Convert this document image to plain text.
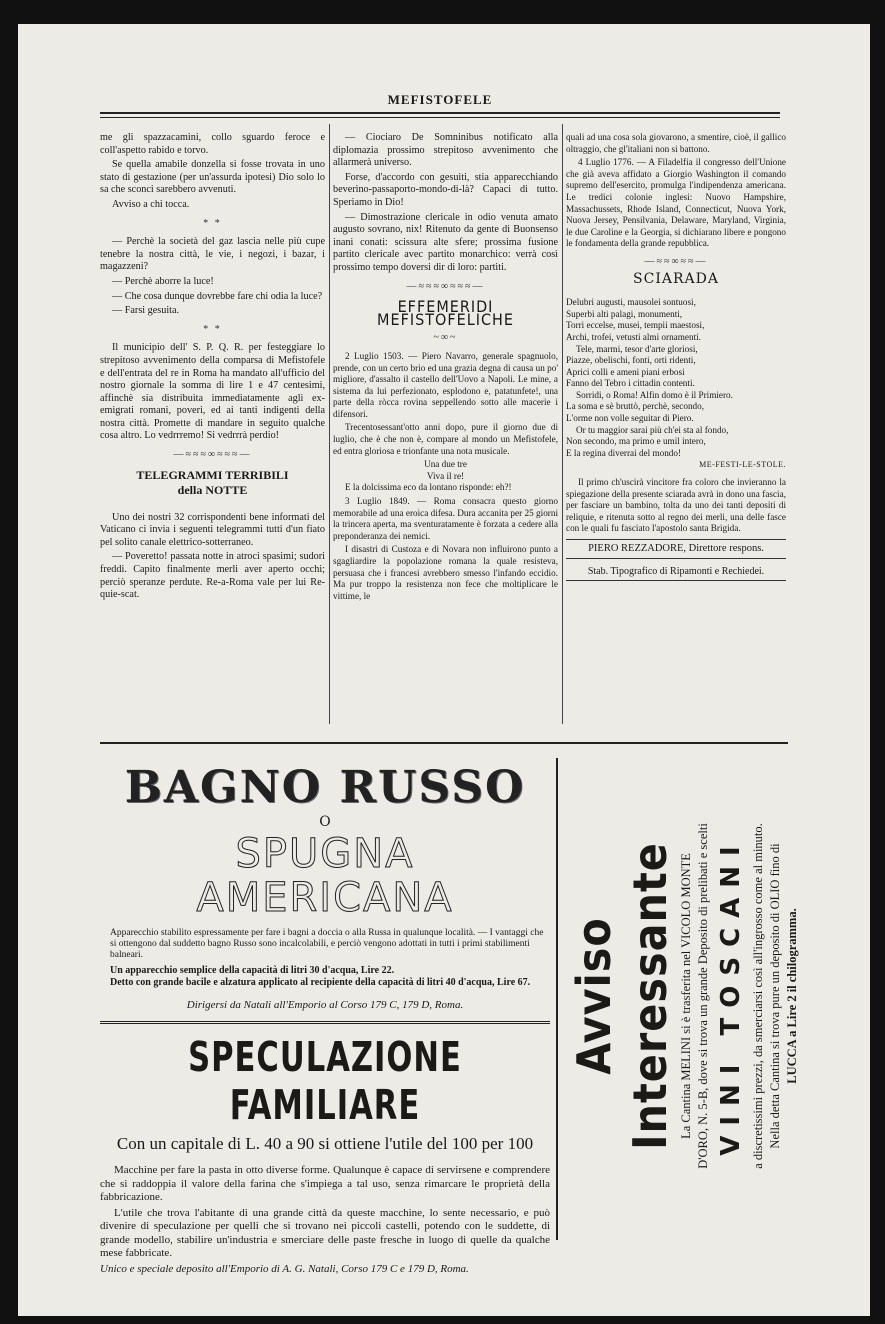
MEFISTOFELE

me gli spazzacamini, collo sguardo feroce e coll'aspetto rabido e torvo.

Se quella amabile donzella si fosse trovata in uno stato di gestazione (per un'assurda ipotesi) Dio solo lo sa che sconci sarebbero avvenuti.

Avviso a chi tocca.

* *

— Perchè la società del gaz lascia nelle più cupe tenebre la nostra città, le vie, i negozi, i bazar, i magazzeni?

— Perchè aborre la luce!

— Che cosa dunque dovrebbe fare chi odia la luce?

— Farsi gesuita.

* *

Il municipio dell' S. P. Q. R. per festeggiare lo strepitoso avvenimento della comparsa di Mefistofele e dell'entrata del re in Roma ha mandato all'ufficio del nostro giornale la somma di lire 1 e 47 centesimi, affinchè sia distribuita immediatamente agli ex-emigrati romani, poveri, ed ai tanti indigenti della nostra città. Promette di mandare in seguito qualche cosa altro. Lo vedrrremo! Si vedrrrà perdio!

—≈≈≈∞≈≈≈—
TELEGRAMMI TERRIBILI
della NOTTE

Uno dei nostri 32 corrispondenti bene informati del Vaticano ci invia i seguenti telegrammi tutti d'un fiato pel solito canale elettrico-sotterraneo.

— Poveretto! passata notte in atroci spasimi; sudori freddi. Capito finalmente merli aver aperto occhi; perciò speranze perdute. Re-a-Roma vale per lui Re-quie-scat.

— Ciociaro De Somninibus notificato alla diplomazia prossimo strepitoso avvenimento che allarmerà universo.

Forse, d'accordo con gesuiti, stia apparecchiando beverino-passaporto-mondo-di-là? Capaci di tutto. Speriamo in Dio!

— Dimostrazione clericale in odio venuta amato augusto sovrano, nix! Ritenuto da gente di Buonsenso inani conati: scissura alte sfere; prossima fusione partito clericale avec partito monarchico: verrà così prossimo tempo doversi dir di loro: partiti.

—≈≈≈∞≈≈≈—
EFFEMERIDI MEFISTOFELICHE
~∞~

2 Luglio 1503. — Piero Navarro, generale spagnuolo, prende, con un certo brio ed una grazia degna di causa un po' migliore, d'assalto il castello dell'Uovo a Napoli. Le mine, a sistema da lui perfezionato, esplodono e, patatunfete!, una parte della ròcca rovina seppellendo sotto alle macerie i difensori.

Trecentosessant'otto anni dopo, pure il giorno due di luglio, che è che non è, compare al mondo un Mefistofele, ed entra gloriosa e trionfante una nota musicale.

Una due tre
Viva il re!

E la dolcissima eco da lontano risponde: eh?!

3 Luglio 1849. — Roma consacra questo giorno memorabile ad una eroica difesa. Dura accanita per 25 giorni la trincera aperta, ma sventuratamente è forzata a cedere alla preponderanza dei nemici.

I disastri di Custoza e di Novara non influirono punto a sgagliardire la popolazione romana la quale resisteva, persuasa che i francesi avrebbero smesso l'infando eccidio. Ma pur troppo la resistenza non fece che moltiplicare le vittime, le

quali ad una cosa sola giovarono, a smentire, cioè, il gallico oltraggio, che gl'italiani non si battono.

4 Luglio 1776. — A Filadelfia il congresso dell'Unione che già aveva affidato a Giorgio Washington il comando supremo dell'esercito, promulga l'indipendenza americana. Le tredici colonie inglesi: Nuovo Hampshire, Massachussets, Rhode Island, Connecticut, Nuova York, Nuova Jersey, Pensilvania, Delaware, Maryland, Virginia, le due Caroline e la Georgia, si dichiarano libere e pongono le fondamenta della grande repubblica.

—≈≈∞≈≈—
SCIARADA
Delubri augusti, mausolei sontuosi,
Superbi alti palagi, monumenti,
Torri eccelse, musei, tempii maestosi,
Archi, trofei, vetusti almi ornamenti.
Tele, marmi, tesor d'arte gloriosi,
Piazze, obelischi, fonti, orti ridenti,
Aprici colli e ameni piani erbosi
Fanno del Tebro i cittadin contenti.
Sorridi, o Roma! Alfin domo è il Primiero.
La soma e sè bruttò, perchè, secondo,
L'orme non volle seguitar di Piero.
Or tu maggior sarai più ch'ei sta al fondo,
Non secondo, ma primo e umil intero,
E la regina diverrai del mondo!
ME-FESTI-LE-STOLE.

Il primo ch'uscirà vincitore fra coloro che invieranno la spiegazione della presente sciarada avrà in dono una fascia, per fasciare un bambino, tolta da uno dei tanti depositi di reliquie, e ritenuta sotto al regno dei merli, una delle fasce con le quali fu fasciato l'apostolo santa Brigida.

PIERO REZZADORE, Direttore respons.
Stab. Tipografico di Ripamonti e Rechiedei.
BAGNO RUSSO
O
SPUGNA AMERICANA
Apparecchio stabilito espressamente per fare i bagni a doccia o alla Russa in qualunque località. — I vantaggi che si ottengono dal suddetto bagno Russo sono incalcolabili, e perciò vengono adottati in tutti i primi stabilimenti balneari.
Un apparecchio semplice della capacità di litri 30 d'acqua, Lire 22.
Detto con grande bacile e alzatura applicato al recipiente della capacità di litri 40 d'acqua, Lire 67.
Dirigersi da Natali all'Emporio al Corso 179 C, 179 D, Roma.
SPECULAZIONE FAMILIARE
Con un capitale di L. 40 a 90 si ottiene l'utile del 100 per 100

Macchine per fare la pasta in otto diverse forme. Qualunque è capace di servirsene e comprendere che si raddoppia il valore della farina che s'impiega a tal uso, senza rimarcare le proprietà della fabbricazione.

L'utile che trova l'abitante di una grande città da queste macchine, lo sente necessario, e può divenire di speculazione per quelli che si trovano nei piccoli castelli, potendo con le suddette, di grande modello, stabilire un'industria e smerciare delle paste fresche in luogo di quelle da qualche mese fabbricate.

Unico e speciale deposito all'Emporio di A. G. Natali, Corso 179 C e 179 D, Roma.

Avviso Interessante La Cantina MELINI si è trasferita nel VICOLO MONTE D'ORO, N. 5-B, dove si trova un grande Deposito di prelibati e scelti VINI TOSCANI a discretissimi prezzi, da smerciarsi così all'ingrosso come al minuto. Nella detta Cantina si trova pure un deposito di OLIO fino di LUCCA a Lire 2 il chilogramma.
